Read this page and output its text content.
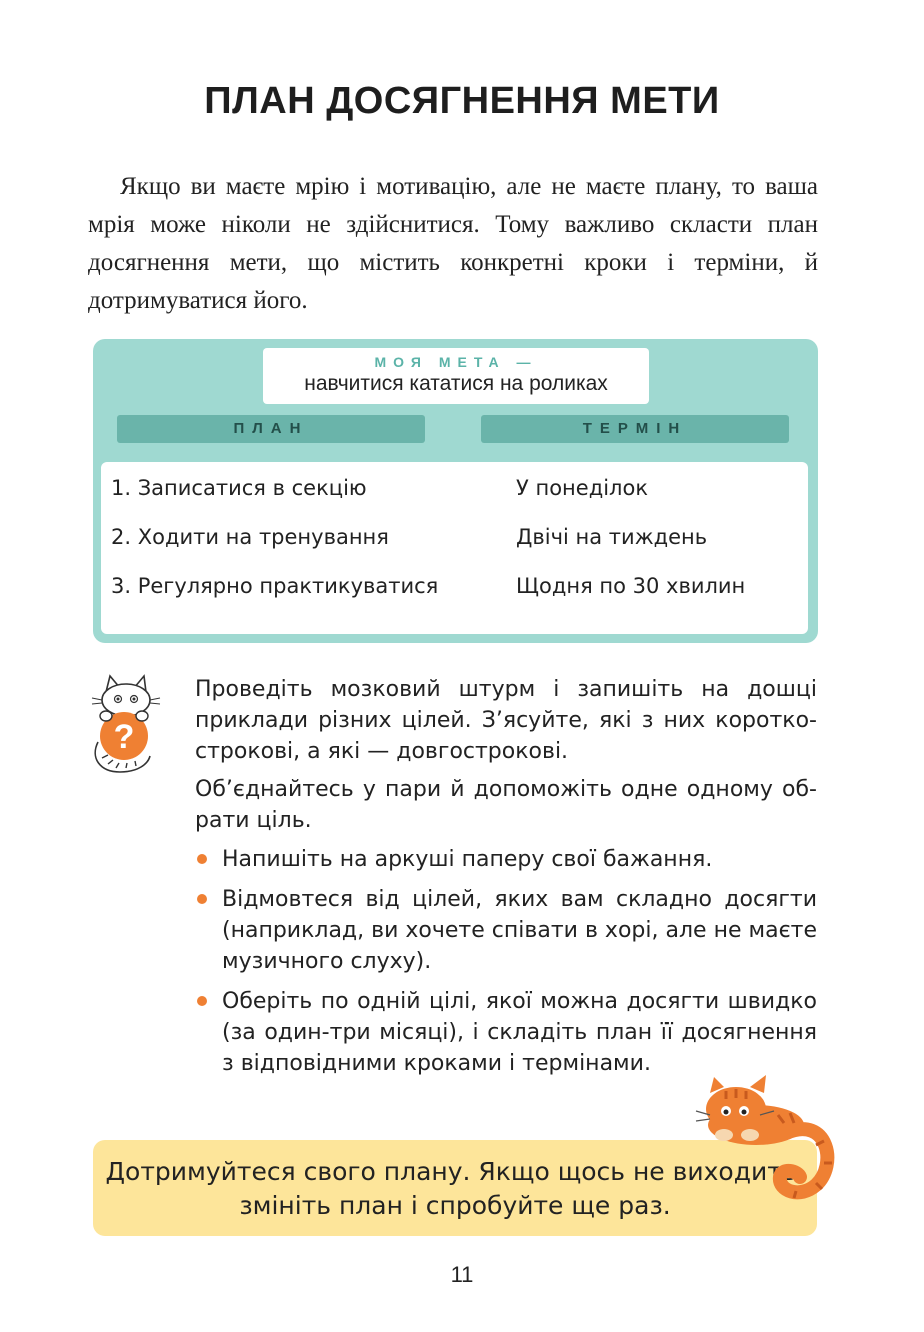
ПЛАН ДОСЯГНЕННЯ МЕТИ

Якщо ви маєте мрію і мотивацію, але не маєте плану, то ваша мрія може ніколи не здійснитися. Тому важливо скласти план досягнення мети, що містить конкретні кроки і терміни, й дотримуватися його.

МОЯ МЕТА —
навчитися кататися на роликах
ПЛАН	ТЕРМІН
1. Записатися в секцію	У понеділок
2. Ходити на тренування	Двічі на тиждень
3. Регулярно практикуватися	Щодня по 30 хвилин
?

Проведіть мозковий штурм і запишіть на дошці приклади різних цілей. З’ясуйте, які з них короткострокові, а які — довгострокові.

Об’єднайтесь у пари й допоможіть одне одному обрати ціль.

Напишіть на аркуші паперу свої бажання.
Відмовтеся від цілей, яких вам складно досягти (наприклад, ви хочете співати в хорі, але не маєте музичного слуху).
Оберіть по одній цілі, якої можна досягти швидко (за один-три місяці), і складіть план її досягнення з відповідними кроками і термінами.

Дотримуйтеся свого плану. Якщо щось не виходить, змініть план і спробуйте ще раз.

11
